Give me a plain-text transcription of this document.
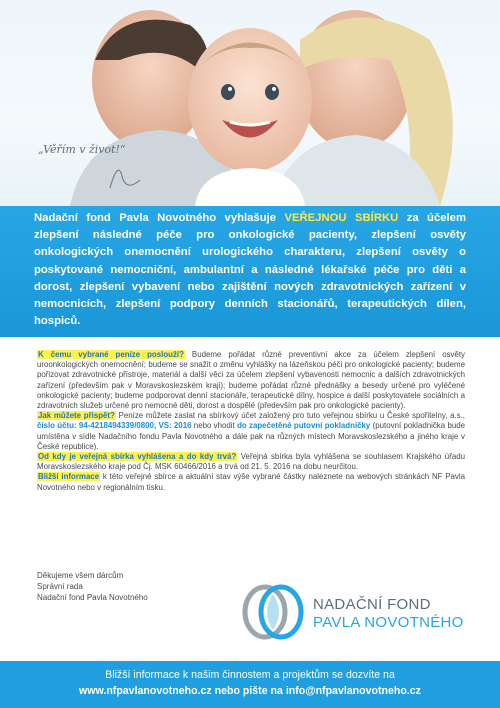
„Věřím v život!“

Nadační fond Pavla Novotného vyhlašuje VEŘEJNOU SBÍRKU za účelem zlepšení následné péče pro onkologické pacienty, zlepšení osvěty onkologických onemocnění urologického charakteru, zlepšení osvěty o poskytované nemocniční, ambulantní a následné lékařské péče pro děti a dorost, zlepšení vybavení nebo zajištění nových zdravotnických zařízení v nemocnicích, zlepšení podpory denních stacionářů, terapeutických dílen, hospiců.

K čemu vybrané peníze poslouží? Budeme pořádat různé preventivní akce za účelem zlepšení osvěty uroonkologických onemocnění; budeme se snažit o změnu vyhlášky na lázeňskou péči pro onkologické pacienty; budeme pořizovat zdravotnické přístroje, materiál a další věci za účelem zlepšení vybavenosti nemocnic a dalších zdravotnických zařízení (především pak v Moravskoslezském kraji); budeme pořádat různé přednášky a besedy určené pro vyléčené onkologické pacienty; budeme podporovat denní stacionáře, terapeutické dílny, hospice a další poskytovatele sociálních a zdravotních služeb určené pro nemocné děti, dorost a dospělé (především pak pro onkologické pacienty).

Jak můžete přispět? Peníze můžete zaslat na sbírkový účet založený pro tuto veřejnou sbírku u České spořitelny, a.s., číslo účtu: 94-4218494339/0800, VS: 2016 nebo vhodit do zapečetěné putovní pokladničky (putovní pokladnička bude umístěna v sídle Nadačního fondu Pavla Novotného a dále pak na různých místech Moravskoslezského a jiného kraje v České republice).

Od kdy je veřejná sbírka vyhlášena a do kdy trvá? Veřejná sbírka byla vyhlášena se souhlasem Krajského úřadu Moravskoslezského kraje pod Čj. MSK 60466/2016 a trvá od 21. 5. 2016 na dobu neurčitou.

Bližší informace k této veřejné sbírce a aktuální stav výše vybrané částky naleznete na webových stránkách NF Pavla Novotného nebo v regionálním tisku.

Děkujeme všem dárcům
Správní rada
Nadační fond Pavla Novotného	NADAČNÍ FOND
PAVLA NOVOTNÉHO
Bližší informace k našim činnostem a projektům se dozvíte na
www.nfpavlanovotneho.cz nebo pište na info@nfpavlanovotneho.cz
